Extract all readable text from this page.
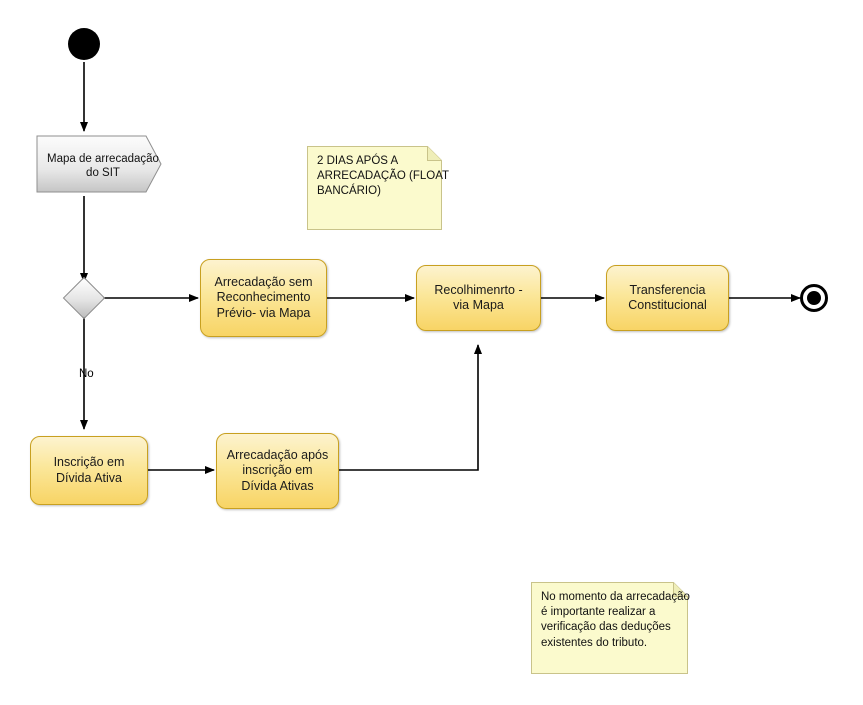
Mapa de arrecadação do SIT
No
Arrecadação sem Reconhecimento Prévio- via Mapa
Recolhimenrto - via Mapa
Transferencia Constitucional
Inscrição em Dívida Ativa
Arrecadação após inscrição em Dívida Ativas
2 DIAS APÓS A ARRECADAÇÃO (FLOAT BANCÁRIO)
No momento da arrecadação é importante realizar a verificação das deduções existentes do tributo.
